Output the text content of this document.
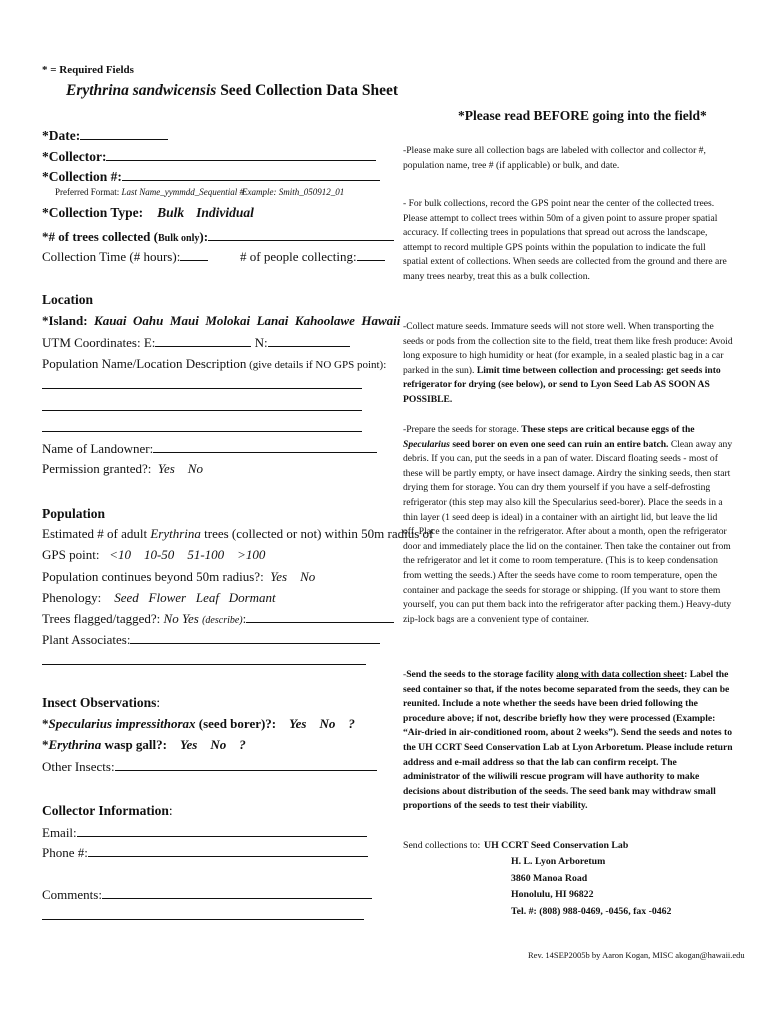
* = Required Fields
Erythrina sandwicensis Seed Collection Data Sheet
*Please read BEFORE going into the field*
*Date:
*Collector:
*Collection #:
Preferred Format: Last Name_yymmdd_Sequential #
Example: Smith_050912_01
*Collection Type: Bulk Individual
*# of trees collected (Bulk only):
Collection Time (# hours):	# of people collecting:
Location
*Island: Kauai Oahu Maui Molokai Lanai Kahoolawe Hawaii
UTM Coordinates: E:	N:
Population Name/Location Description (give details if NO GPS point):
Name of Landowner:
Permission granted?: Yes No
Population
Estimated # of adult Erythrina trees (collected or not) within 50m radius of
GPS point: <10 10-50 51-100 >100
Population continues beyond 50m radius?: Yes No
Phenology: Seed Flower Leaf Dormant
Trees flagged/tagged?: No Yes (describe):
Plant Associates:
Insect Observations:
*Specularius impressithorax (seed borer)?: Yes No ?
*Erythrina wasp gall?: Yes No ?
Other Insects:
Collector Information:
Email:
Phone #:
Comments:

-Please make sure all collection bags are labeled with collector and collector #, population name, tree # (if applicable) or bulk, and date.

- For bulk collections, record the GPS point near the center of the collected trees. Please attempt to collect trees within 50m of a given point to assure proper spatial accuracy. If collecting trees in populations that spread out across the landscape, attempt to record multiple GPS points within the population to indicate the full spatial extent of collections. When seeds are collected from the ground and there are many trees nearby, treat this as a bulk collection.

-Collect mature seeds. Immature seeds will not store well. When transporting the seeds or pods from the collection site to the field, treat them like fresh produce: Avoid long exposure to high humidity or heat (for example, in a sealed plastic bag in a car parked in the sun). Limit time between collection and processing: get seeds into refrigerator for drying (see below), or send to Lyon Seed Lab AS SOON AS POSSIBLE.

-Prepare the seeds for storage. These steps are critical because eggs of the Specularius seed borer on even one seed can ruin an entire batch. Clean away any debris. If you can, put the seeds in a pan of water. Discard floating seeds - most of these will be partly empty, or have insect damage. Airdry the sinking seeds, then start drying them for storage. You can dry them yourself if you have a self-defrosting refrigerator (this step may also kill the Specularius seed-borer). Place the seeds in a thin layer (1 seed deep is ideal) in a container with an airtight lid, but leave the lid off. Place the container in the refrigerator. After about a month, open the refrigerator door and immediately place the lid on the container. Then take the container out from the refrigerator and let it come to room temperature. (This is to keep condensation from wetting the seeds.) After the seeds have come to room temperature, open the container and package the seeds for storage or shipping. (If you want to store them yourself, you can put them back into the refrigerator after packing them.) Heavy-duty zip-lock bags are a convenient type of container.

-Send the seeds to the storage facility along with data collection sheet: Label the seed container so that, if the notes become separated from the seeds, they can be reunited. Include a note whether the seeds have been dried following the procedure above; if not, describe briefly how they were processed (Example: “Air-dried in air-conditioned room, about 2 weeks”). Send the seeds and notes to the UH CCRT Seed Conservation Lab at Lyon Arboretum. Please include return address and e-mail address so that the lab can confirm receipt. The administrator of the wiliwili rescue program will have authority to make decisions about distribution of the seeds. The seed bank may withdraw small proportions of the seeds to test their viability.

Send collections to: UH CCRT Seed Conservation Lab
H. L. Lyon Arboretum
3860 Manoa Road
Honolulu, HI 96822
Tel. #: (808) 988-0469, -0456, fax -0462
Rev. 14SEP2005b by Aaron Kogan, MISC akogan@hawaii.edu
